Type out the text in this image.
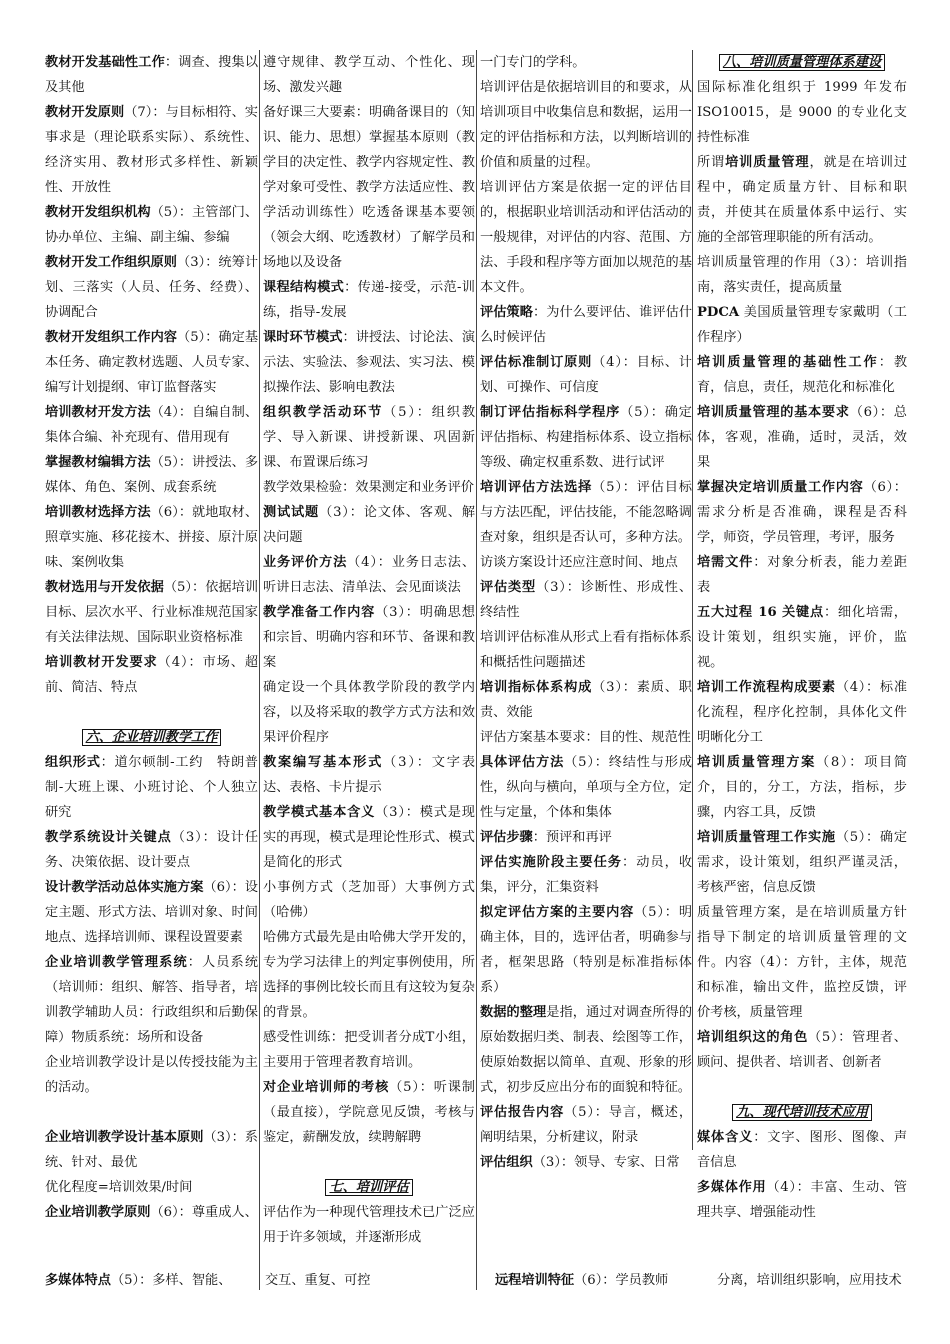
教材开发基础性工作：调查、搜集以及其他

教材开发原则（7）：与目标相符、实事求是（理论联系实际）、系统性、经济实用、教材形式多样性、新颖性、开放性

教材开发组织机构（5）：主管部门、协办单位、主编、副主编、参编

教材开发工作组织原则（3）：统筹计划、三落实（人员、任务、经费）、协调配合

教材开发组织工作内容（5）：确定基本任务、确定教材选题、人员专家、编写计划提纲、审订监督落实

培训教材开发方法（4）：自编自制、集体合编、补充现有、借用现有

掌握教材编辑方法（5）：讲授法、多媒体、角色、案例、成套系统

培训教材选择方法（6）：就地取材、照章实施、移花接木、拼接、原汁原味、案例收集

教材选用与开发依据（5）：依据培训目标、层次水平、行业标准规范国家有关法律法规、国际职业资格标准

培训教材开发要求（4）：市场、超前、简洁、特点

六、企业培训教学工作

组织形式：道尔顿制-工约　特朗普制-大班上课、小班讨论、个人独立研究

教学系统设计关键点（3）：设计任务、决策依据、设计要点

设计教学活动总体实施方案（6）：设定主题、形式方法、培训对象、时间地点、选择培训师、课程设置要素

企业培训教学管理系统：人员系统（培训师：组织、解答、指导者，培训教学辅助人员：行政组织和后勤保障）物质系统：场所和设备

企业培训教学设计是以传授技能为主的活动。

企业培训教学设计基本原则（3）：系统、针对、最优

优化程度=培训效果/时间

企业培训教学原则（6）：尊重成人、

遵守规律、教学互动、个性化、现场、激发兴趣

备好课三大要素：明确备课目的（知识、能力、思想）掌握基本原则（教学目的决定性、教学内容规定性、教学对象可受性、教学方法适应性、教学活动训练性）吃透备课基本要领（领会大纲、吃透教材）了解学员和场地以及设备

课程结构模式：传递-接受，示范-训练，指导-发展

课时环节模式：讲授法、讨论法、演示法、实验法、参观法、实习法、模拟操作法、影响电教法

组织教学活动环节（5）：组织教学、导入新课、讲授新课、巩固新课、布置课后练习

教学效果检验：效果测定和业务评价

测试试题（3）：论文体、客观、解决问题

业务评价方法（4）：业务日志法、听讲日志法、清单法、会见面谈法

教学准备工作内容（3）：明确思想和宗旨、明确内容和环节、备课和教案

确定设一个具体教学阶段的教学内容，以及将采取的教学方式方法和效果评价程序

教案编写基本形式（3）：文字表达、表格、卡片提示

教学模式基本含义（3）：模式是现实的再现，模式是理论性形式、模式是简化的形式

小事例方式（芝加哥）大事例方式（哈佛）

哈佛方式最先是由哈佛大学开发的，专为学习法律上的判定事例使用，所选择的事例比较长而且有这较为复杂的背景。

感受性训练：把受训者分成T小组，主要用于管理者教育培训。

对企业培训师的考核（5）：听课制（最直接），学院意见反馈，考核与鉴定，薪酬发放，续聘解聘

七、培训评估

评估作为一种现代管理技术已广泛应用于许多领域，并逐渐形成

一门专门的学科。

培训评估是依据培训目的和要求，从培训项目中收集信息和数据，运用一定的评估指标和方法，以判断培训的价值和质量的过程。

培训评估方案是依据一定的评估目的，根据职业培训活动和评估活动的一般规律，对评估的内容、范围、方法、手段和程序等方面加以规范的基本文件。

评估策略：为什么要评估、谁评估什么时候评估

评估标准制订原则（4）：目标、计划、可操作、可信度

制订评估指标科学程序（5）：确定评估指标、构建指标体系、设立指标等级、确定权重系数、进行试评

培训评估方法选择（5）：评估目标与方法匹配，评估技能，不能忽略调查对象，组织是否认可，多种方法。

访谈方案设计还应注意时间、地点

评估类型（3）：诊断性、形成性、终结性

培训评估标准从形式上看有指标体系和概括性问题描述

培训指标体系构成（3）：素质、职责、效能

评估方案基本要求：目的性、规范性

具体评估方法（5）：终结性与形成性，纵向与横向，单项与全方位，定性与定量，个体和集体

评估步骤：预评和再评

评估实施阶段主要任务：动员，收集，评分，汇集资料

拟定评估方案的主要内容（5）：明确主体，目的，选评估者，明确参与者，框架思路（特别是标准指标体系）

数据的整理是指，通过对调查所得的原始数据归类、制表、绘图等工作，使原始数据以简单、直观、形象的形式，初步反应出分布的面貌和特征。

评估报告内容（5）：导言，概述，阐明结果，分析建议，附录

评估组织（3）：领导、专家、日常

八、培训质量管理体系建设

国际标准化组织于 1999 年发布 ISO10015，是 9000 的专业化支持性标准

所谓培训质量管理，就是在培训过程中，确定质量方针、目标和职责，并使其在质量体系中运行、实施的全部管理职能的所有活动。

培训质量管理的作用（3）：培训指南，落实责任，提高质量

PDCA 美国质量管理专家戴明（工作程序）

培训质量管理的基础性工作：教育，信息，责任，规范化和标准化

培训质量管理的基本要求（6）：总体，客观，准确，适时，灵活，效果

掌握决定培训质量工作内容（6）：需求分析是否准确，课程是否科学，师资，学员管理，考评，服务

培需文件：对象分析表，能力差距表

五大过程 16 关键点：细化培需，设计策划，组织实施，评价，监视。

培训工作流程构成要素（4）：标准化流程，程序化控制，具体化文件明晰化分工

培训质量管理方案（8）：项目简介，目的，分工，方法，指标，步骤，内容工具，反馈

培训质量管理工作实施（5）：确定需求，设计策划，组织严谨灵活，考核严密，信息反馈

质量管理方案，是在培训质量方针指导下制定的培训质量管理的文件。内容（4）：方针，主体，规范和标准，输出文件，监控反馈，评价考核，质量管理

培训组织这的角色（5）：管理者、顾问、提供者、培训者、创新者

九、现代培训技术应用

媒体含义：文字、图形、图像、声音信息

多媒体作用（4）：丰富、生动、管理共享、增强能动性

多媒体特点（5）：多样、智能、	交互、重复、可控	远程培训特征（6）：学员教师	分离，培训组织影响，应用技术
